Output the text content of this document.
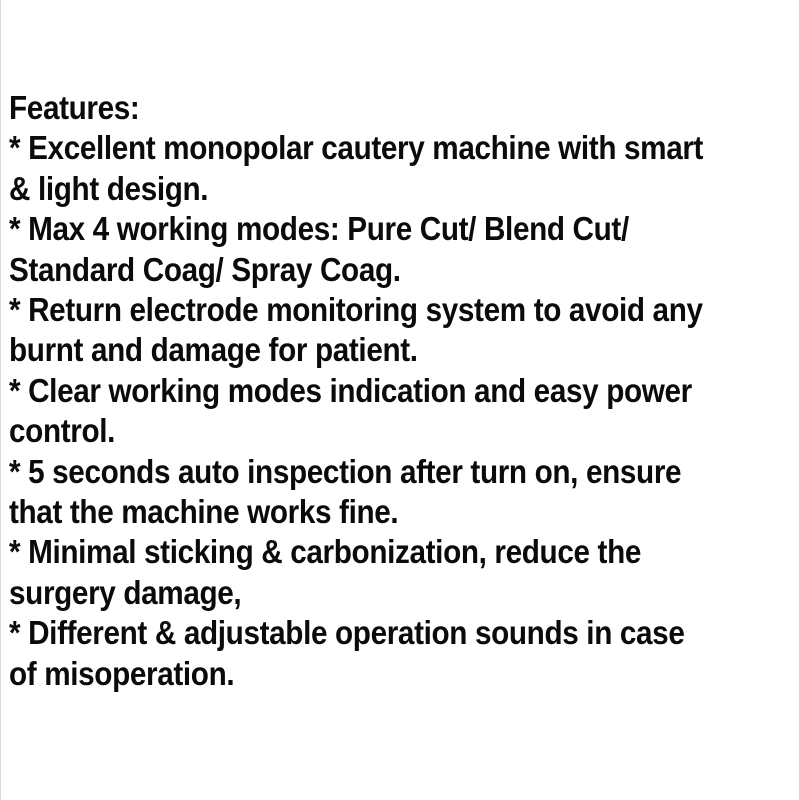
Features:
* Excellent monopolar cautery machine with smart
& light design.
* Max 4 working modes: Pure Cut/ Blend Cut/
Standard Coag/ Spray Coag.
* Return electrode monitoring system to avoid any
burnt and damage for patient.
* Clear working modes indication and easy power
control.
* 5 seconds auto inspection after turn on, ensure
that the machine works fine.
* Minimal sticking & carbonization, reduce the
surgery damage,
* Different & adjustable operation sounds in case
of misoperation.
